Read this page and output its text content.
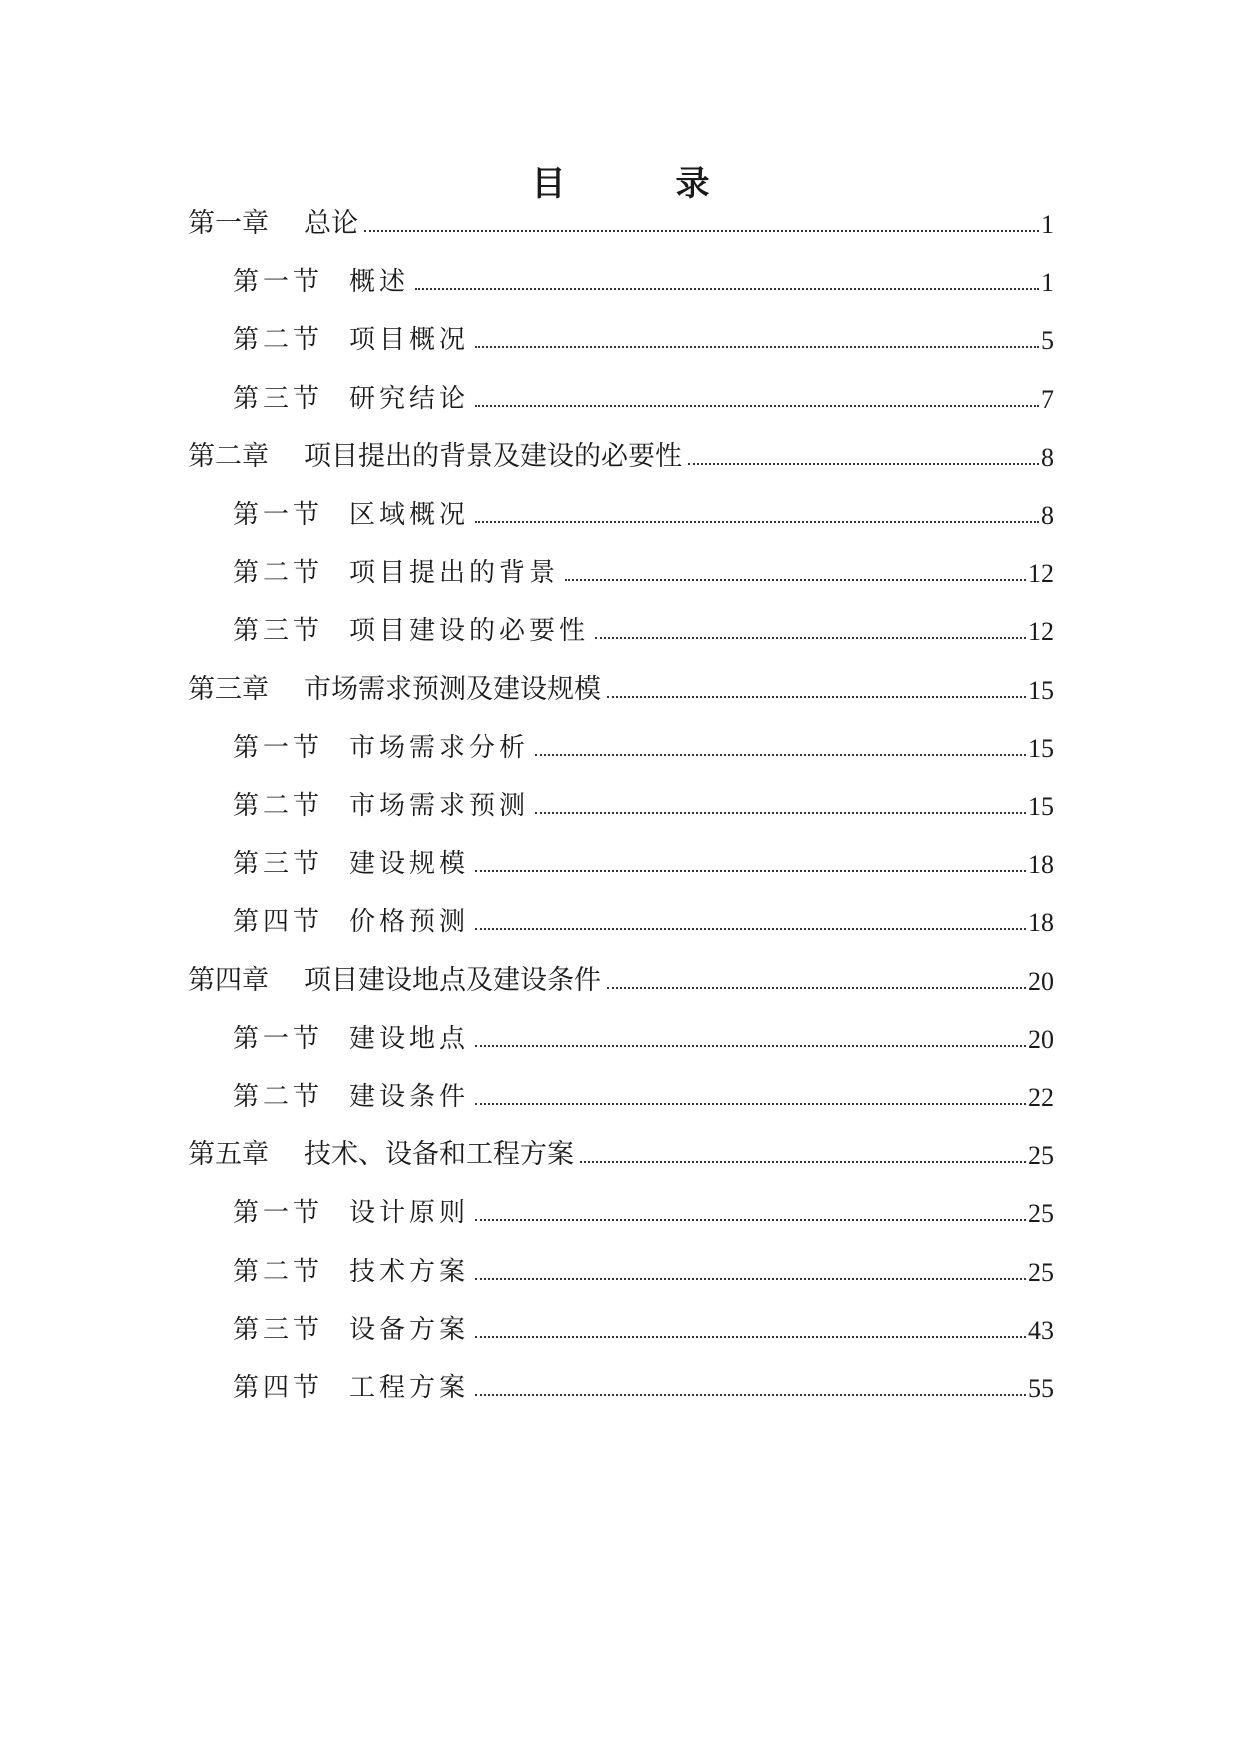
目　录
第一章	总论	1
第一节 概述	1
第二节 项目概况	5
第三节 研究结论	7
第二章	项目提出的背景及建设的必要性	8
第一节 区域概况	8
第二节 项目提出的背景	12
第三节 项目建设的必要性	12
第三章	市场需求预测及建设规模	15
第一节 市场需求分析	15
第二节 市场需求预测	15
第三节 建设规模	18
第四节 价格预测	18
第四章	项目建设地点及建设条件	20
第一节 建设地点	20
第二节 建设条件	22
第五章	技术、设备和工程方案	25
第一节 设计原则	25
第二节 技术方案	25
第三节 设备方案	43
第四节 工程方案	55
